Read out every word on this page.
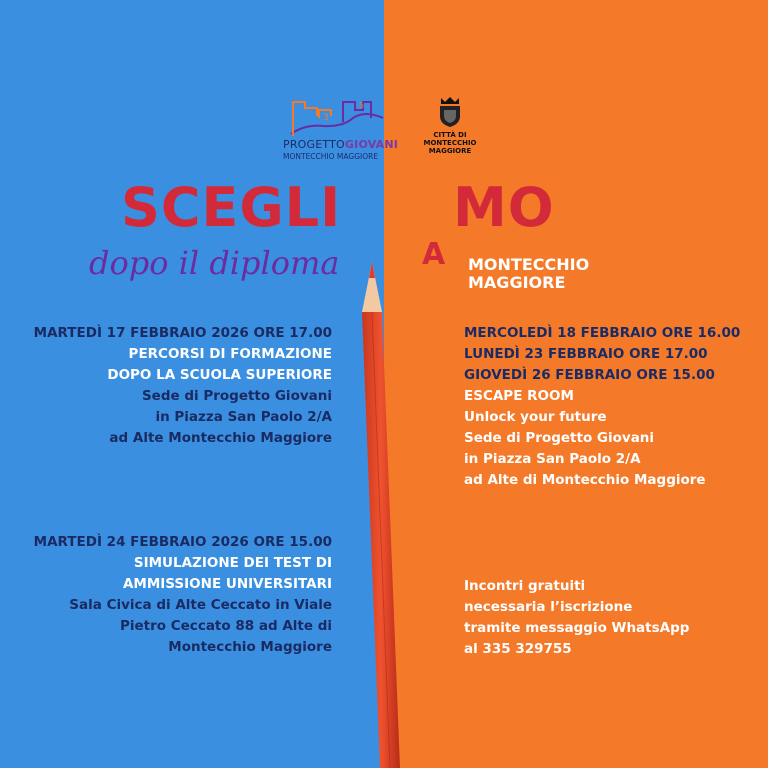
3
5
PROGETTOGIOVANI
MONTECCHIO MAGGIORE
CITTÀ DI
MONTECCHIO
MAGGIORE
SCEGLI
A
MO
dopo il diploma	MONTECCHIO
MAGGIORE
MARTEDÌ 17 FEBBRAIO 2026 ORE 17.00
PERCORSI DI FORMAZIONE
DOPO LA SCUOLA SUPERIORE
Sede di Progetto Giovani
in Piazza San Paolo 2/A
ad Alte Montecchio Maggiore
MARTEDÌ 24 FEBBRAIO 2026 ORE 15.00
SIMULAZIONE DEI TEST DI
AMMISSIONE UNIVERSITARI
Sala Civica di Alte Ceccato in Viale
Pietro Ceccato 88 ad Alte di
Montecchio Maggiore
MERCOLEDÌ 18 FEBBRAIO ORE 16.00
LUNEDÌ 23 FEBBRAIO ORE 17.00
GIOVEDÌ 26 FEBBRAIO ORE 15.00
ESCAPE ROOM
Unlock your future
Sede di Progetto Giovani
in Piazza San Paolo 2/A
ad Alte di Montecchio Maggiore
Incontri gratuiti
necessaria l’iscrizione
tramite messaggio WhatsApp
al 335 329755
